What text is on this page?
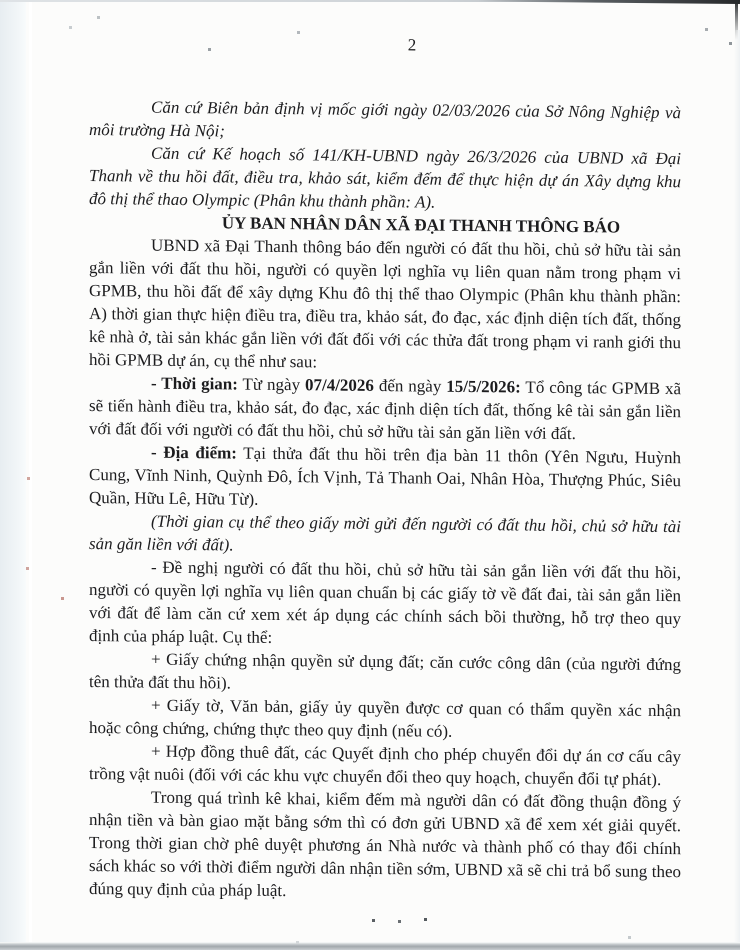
2

Căn cứ Biên bản định vị mốc giới ngày 02/03/2026 của Sở Nông Nghiệp và môi trường Hà Nội;

Căn cứ Kế hoạch số 141/KH-UBND ngày 26/3/2026 của UBND xã Đại Thanh về thu hồi đất, điều tra, khảo sát, kiểm đếm để thực hiện dự án Xây dựng khu đô thị thể thao Olympic (Phân khu thành phần: A).

ỦY BAN NHÂN DÂN XÃ ĐẠI THANH THÔNG BÁO

UBND xã Đại Thanh thông báo đến người có đất thu hồi, chủ sở hữu tài sản gắn liền với đất thu hồi, người có quyền lợi nghĩa vụ liên quan nằm trong phạm vi GPMB, thu hồi đất để xây dựng Khu đô thị thể thao Olympic (Phân khu thành phần: A) thời gian thực hiện điều tra, điều tra, khảo sát, đo đạc, xác định diện tích đất, thống kê nhà ở, tài sản khác gắn liền với đất đối với các thửa đất trong phạm vi ranh giới thu hồi GPMB dự án, cụ thể như sau:

- Thời gian: Từ ngày 07/4/2026 đến ngày 15/5/2026: Tổ công tác GPMB xã sẽ tiến hành điều tra, khảo sát, đo đạc, xác định diện tích đất, thống kê tài sản gắn liền với đất đối với người có đất thu hồi, chủ sở hữu tài sản găn liền với đất.

- Địa điểm: Tại thửa đất thu hồi trên địa bàn 11 thôn (Yên Ngưu, Huỳnh Cung, Vĩnh Ninh, Quỳnh Đô, Ích Vịnh, Tả Thanh Oai, Nhân Hòa, Thượng Phúc, Siêu Quần, Hữu Lê, Hữu Từ).

(Thời gian cụ thể theo giấy mời gửi đến người có đất thu hồi, chủ sở hữu tài sản găn liền với đất).

- Đề nghị người có đất thu hồi, chủ sở hữu tài sản gắn liền với đất thu hồi, người có quyền lợi nghĩa vụ liên quan chuẩn bị các giấy tờ về đất đai, tài sản gắn liền với đất để làm căn cứ xem xét áp dụng các chính sách bồi thường, hỗ trợ theo quy định của pháp luật. Cụ thể:

+ Giấy chứng nhận quyền sử dụng đất; căn cước công dân (của người đứng tên thửa đất thu hồi).

+ Giấy tờ, Văn bản, giấy ủy quyền được cơ quan có thẩm quyền xác nhận hoặc công chứng, chứng thực theo quy định (nếu có).

+ Hợp đồng thuê đất, các Quyết định cho phép chuyển đổi dự án cơ cấu cây trồng vật nuôi (đối với các khu vực chuyển đổi theo quy hoạch, chuyển đổi tự phát).

Trong quá trình kê khai, kiểm đếm mà người dân có đất đồng thuận đồng ý nhận tiền và bàn giao mặt bằng sớm thì có đơn gửi UBND xã để xem xét giải quyết. Trong thời gian chờ phê duyệt phương án Nhà nước và thành phố có thay đổi chính sách khác so với thời điểm người dân nhận tiền sớm, UBND xã sẽ chi trả bổ sung theo đúng quy định của pháp luật.
